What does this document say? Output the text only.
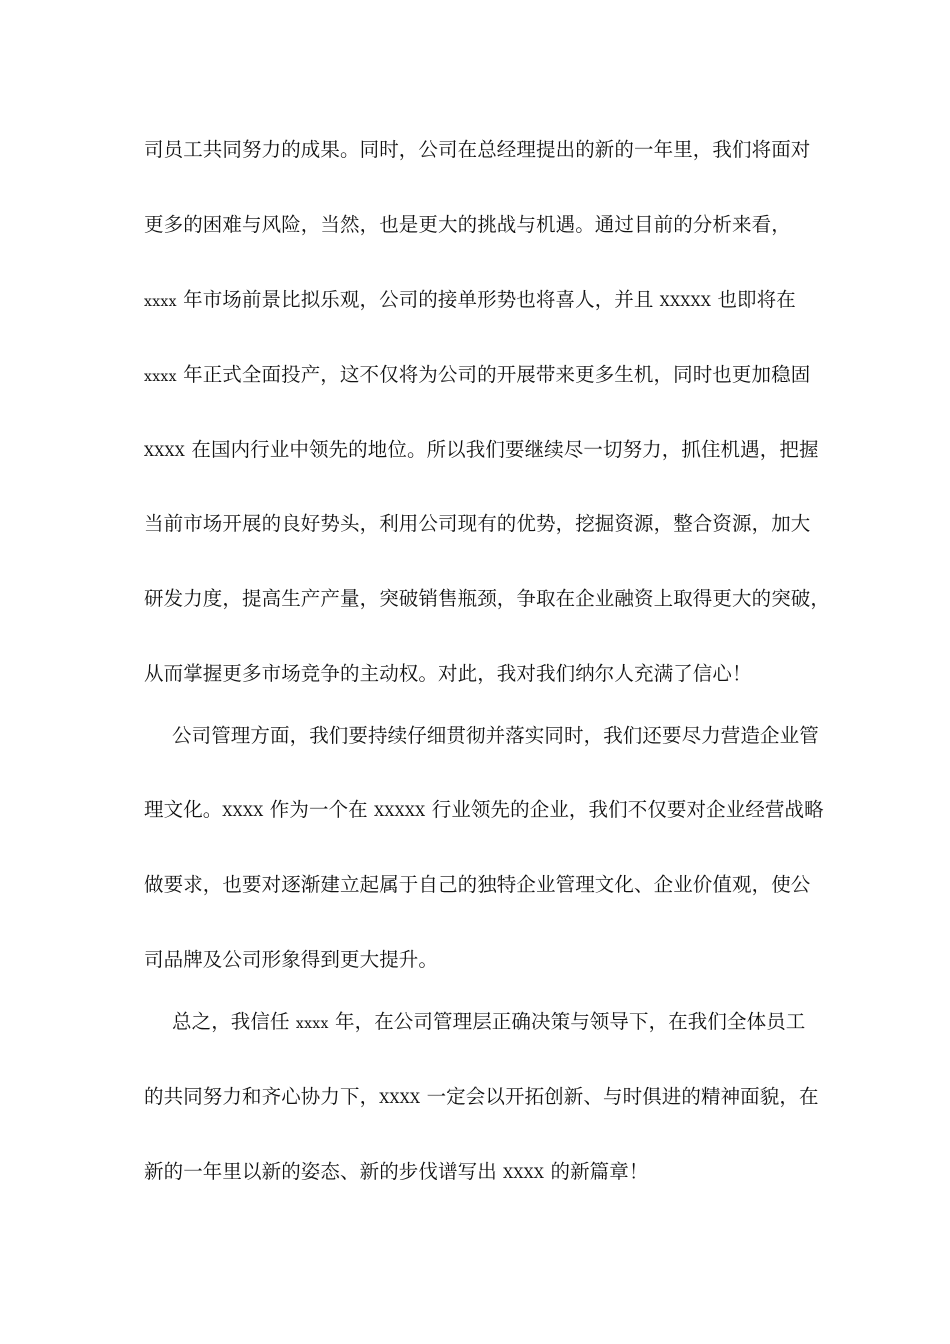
司员工共同努力的成果。同时，公司在总经理提出的新的一年里，我们将面对
更多的困难与风险，当然，也是更大的挑战与机遇。通过目前的分析来看，
xxxx 年市场前景比拟乐观，公司的接单形势也将喜人，并且 XXXXX 也即将在
xxxx 年正式全面投产，这不仅将为公司的开展带来更多生机，同时也更加稳固
XXXX 在国内行业中领先的地位。所以我们要继续尽一切努力，抓住机遇，把握
当前市场开展的良好势头，利用公司现有的优势，挖掘资源，整合资源，加大
研发力度，提高生产产量，突破销售瓶颈，争取在企业融资上取得更大的突破，
从而掌握更多市场竞争的主动权。对此，我对我们纳尔人充满了信心！
公司管理方面，我们要持续仔细贯彻并落实同时，我们还要尽力营造企业管
理文化。XXXX 作为一个在 XXXXX 行业领先的企业，我们不仅要对企业经营战略
做要求，也要对逐渐建立起属于自己的独特企业管理文化、企业价值观，使公
司品牌及公司形象得到更大提升。
总之，我信任 xxxx 年，在公司管理层正确决策与领导下，在我们全体员工
的共同努力和齐心协力下，XXXX 一定会以开拓创新、与时俱进的精神面貌，在
新的一年里以新的姿态、新的步伐谱写出 XXXX 的新篇章！
